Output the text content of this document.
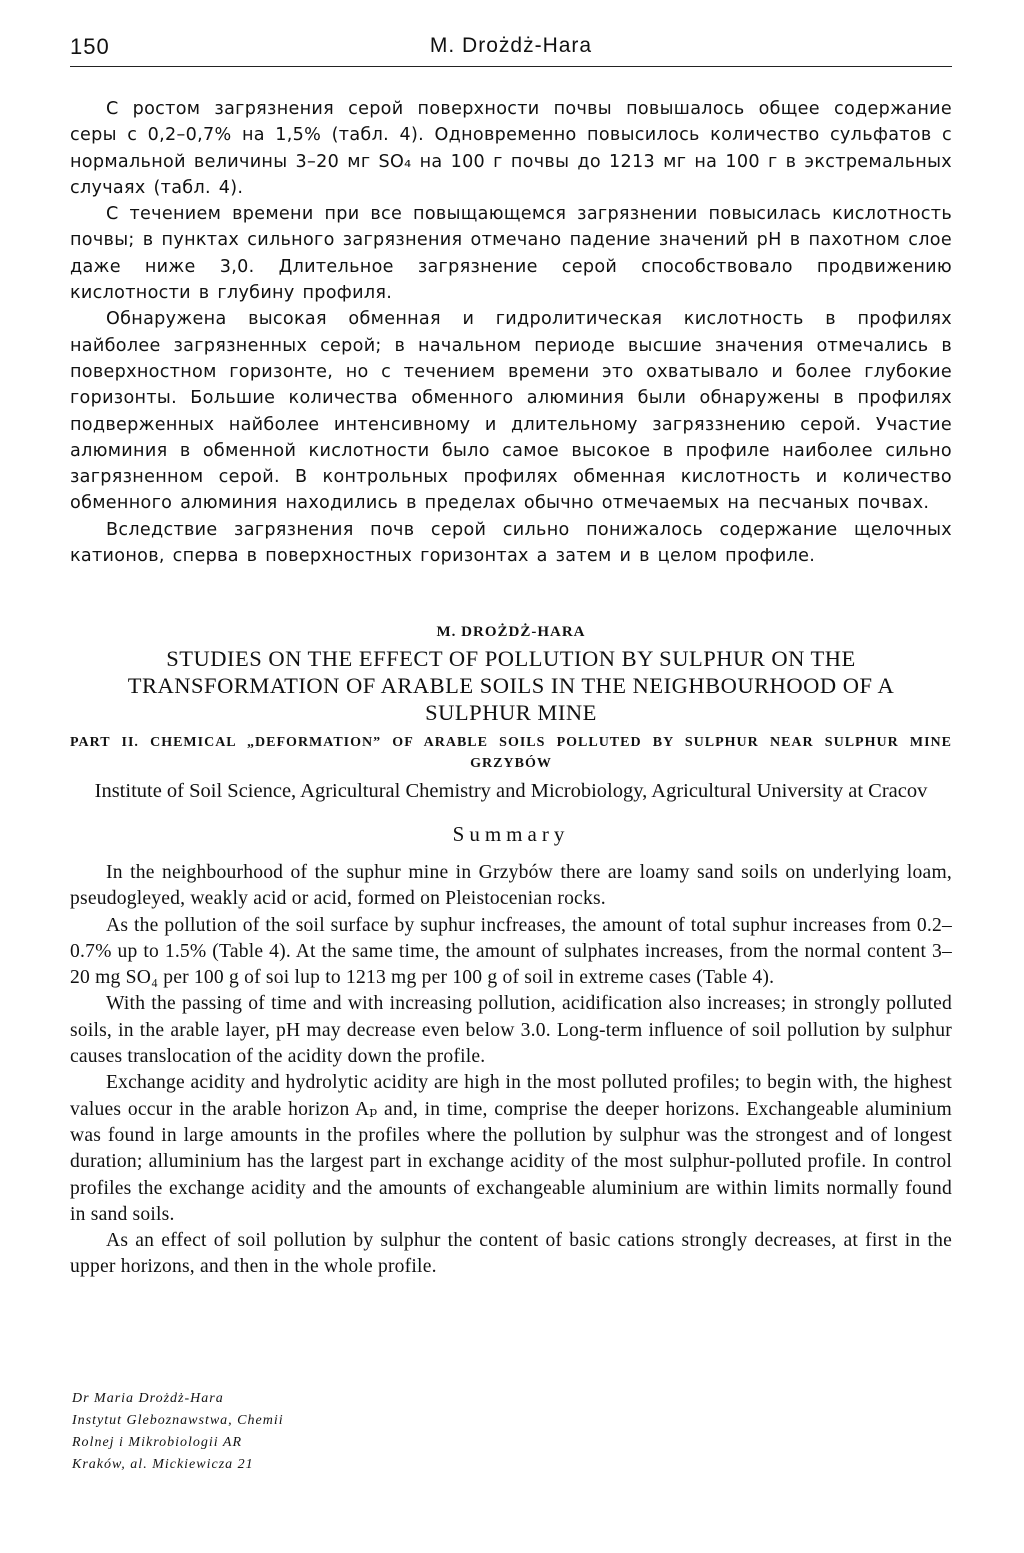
150	M. Drożdż-Hara

С ростом загрязнения серой поверхности почвы повышалось общее содержание серы с 0,2–0,7% на 1,5% (табл. 4). Одновременно повысилось количество сульфатов с нормальной величины 3–20 мг SO₄ на 100 г почвы до 1213 мг на 100 г в экстремальных случаях (табл. 4).

С течением времени при все повыщающемся загрязнении повысилась кислотность почвы; в пунктах сильного загрязнения отмечано падение значений pH в пахотном слое даже ниже 3,0. Длительное загрязнение серой способствовало продвижению кислотности в глубину профиля.

Обнаружена высокая обменная и гидролитическая кислотность в профилях найболее загрязненных серой; в начальном периоде высшие значения отмечались в поверхностном горизонте, но с течением времени это охватывало и более глубокие горизонты. Большие количества обменного алюминия были обнаружены в профилях подверженных найболее интенсивному и длительному загряззнению серой. Участие алюминия в обменной кислотности было самое высокое в профиле наиболее сильно загрязненном серой. В контрольных профилях обменная кислотность и количество обменного алюминия находились в пределах обычно отмечаемых на песчаных почвах.

Вследствие загрязнения почв серой сильно понижалось содержание щелочных катионов, сперва в поверхностных горизонтах а затем и в целом профиле.

M. DROŻDŻ-HARA
STUDIES ON THE EFFECT OF POLLUTION BY SULPHUR ON THE
TRANSFORMATION OF ARABLE SOILS IN THE NEIGHBOURHOOD OF A
SULPHUR MINE
PART II. CHEMICAL „DEFORMATION” OF ARABLE SOILS POLLUTED BY SULPHUR NEAR SULPHUR MINE GRZYBÓW
Institute of Soil Science, Agricultural Chemistry and Microbiology, Agricultural University at Cracov
Summary

In the neighbourhood of the suphur mine in Grzybów there are loamy sand soils on underlying loam, pseudogleyed, weakly acid or acid, formed on Pleistocenian rocks.

As the pollution of the soil surface by suphur incfreases, the amount of total suphur increases from 0.2–0.7% up to 1.5% (Table 4). At the same time, the amount of sulphates increases, from the normal content 3–20 mg SO₄ per 100 g of soi lup to 1213 mg per 100 g of soil in extreme cases (Table 4).

With the passing of time and with increasing pollution, acidification also increases; in strongly polluted soils, in the arable layer, pH may decrease even below 3.0. Long-term influence of soil pollution by sulphur causes translocation of the acidity down the profile.

Exchange acidity and hydrolytic acidity are high in the most polluted profiles; to begin with, the highest values occur in the arable horizon Aₚ and, in time, comprise the deeper horizons. Exchangeable aluminium was found in large amounts in the profiles where the pollution by sulphur was the strongest and of longest duration; alluminium has the largest part in exchange acidity of the most sulphur-polluted profile. In control profiles the exchange acidity and the amounts of exchangeable aluminium are within limits normally found in sand soils.

As an effect of soil pollution by sulphur the content of basic cations strongly decreases, at first in the upper horizons, and then in the whole profile.

Dr Maria Drożdż-Hara
Instytut Gleboznawstwa, Chemii
Rolnej i Mikrobiologii AR
Kraków, al. Mickiewicza 21
